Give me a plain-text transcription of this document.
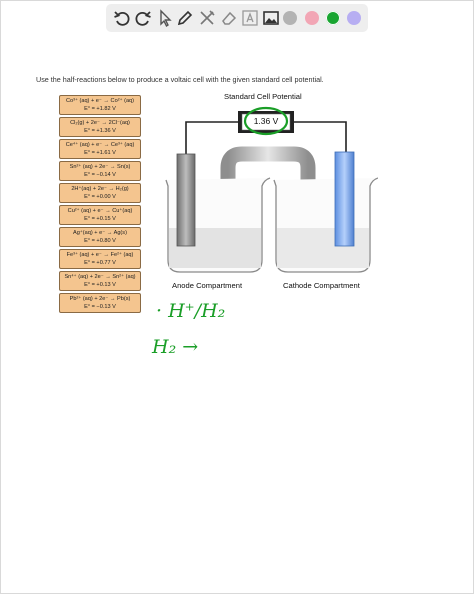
Use the half-reactions below to produce a voltaic cell with the given standard cell potential.
Co³⁺ (aq) + e⁻ → Co²⁺ (aq)
E° = +1.82 V
Cl₂(g) + 2e⁻ → 2Cl⁻(aq)
E° = +1.36 V
Ce⁴⁺ (aq) + e⁻ → Ce³⁺ (aq)
E° = +1.61 V
Sn²⁺ (aq) + 2e⁻ → Sn(s)
E° = −0.14 V
2H⁺(aq) + 2e⁻ → H₂(g)
E° = +0.00 V
Cu²⁺ (aq) + e⁻ → Cu⁺(aq)
E° = +0.15 V
Ag⁺(aq) + e⁻ → Ag(s)
E° = +0.80 V
Fe³⁺ (aq) + e⁻ → Fe²⁺ (aq)
E° = +0.77 V
Sn⁴⁺ (aq) + 2e⁻ → Sn²⁺ (aq)
E° = +0.13 V
Pb²⁺ (aq) + 2e⁻ → Pb(s)
E° = −0.13 V
Standard Cell Potential
1.36 V
Anode Compartment	Cathode Compartment
· H⁺/H₂
H₂ →
